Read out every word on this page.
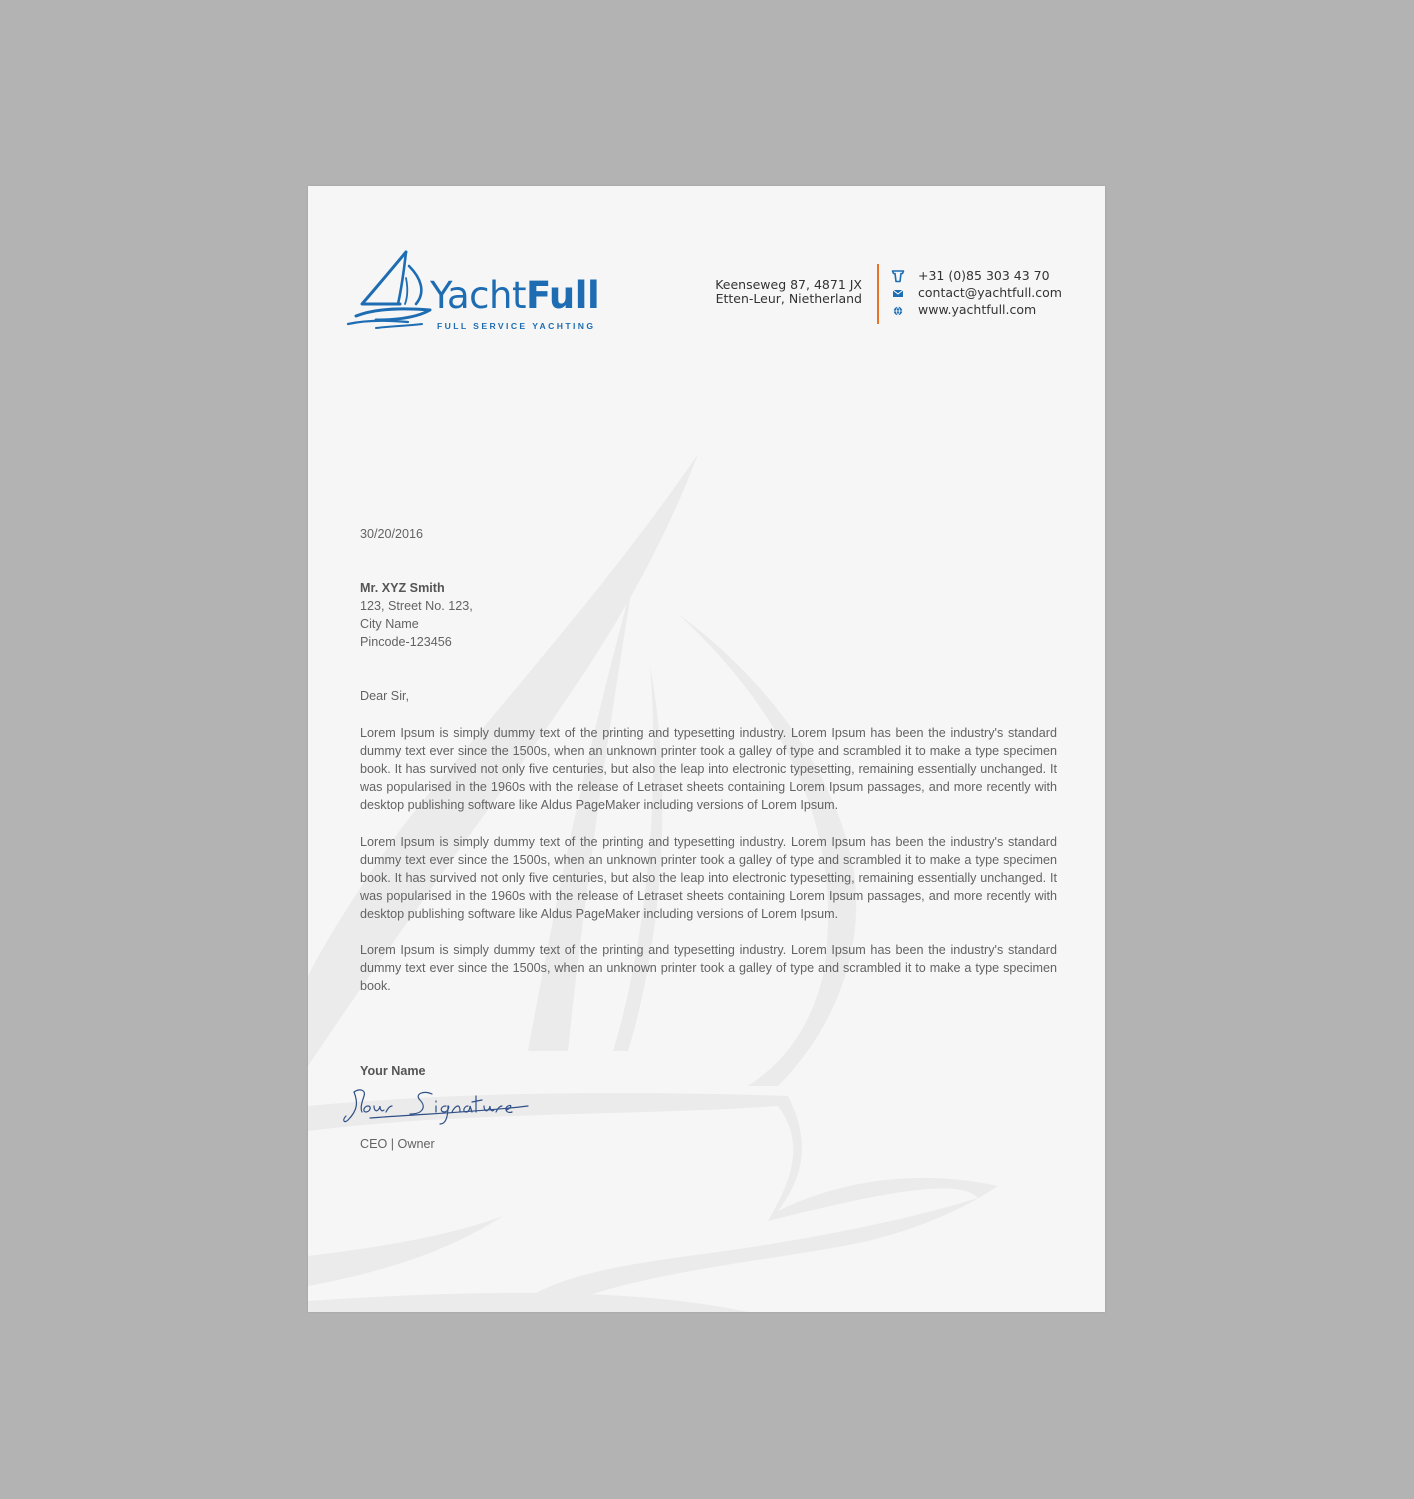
YachtFull
FULL SERVICE YACHTING
Keenseweg 87, 4871 JX
Etten-Leur, Nietherland
+31 (0)85 303 43 70
contact@yachtfull.com
www.yachtfull.com
30/20/2016
Mr. XYZ Smith
123, Street No. 123,
City Name
Pincode-123456
Dear Sir,
Lorem Ipsum is simply dummy text of the printing and typesetting industry. Lorem Ipsum has been the industry's standard dummy text ever since the 1500s, when an unknown printer took a galley of type and scrambled it to make a type specimen book. It has survived not only five centuries, but also the leap into electronic typesetting, remaining essentially unchanged. It was popularised in the 1960s with the release of Letraset sheets containing Lorem Ipsum passages, and more recently with desktop publishing software like Aldus PageMaker including versions of Lorem Ipsum.
Lorem Ipsum is simply dummy text of the printing and typesetting industry. Lorem Ipsum has been the industry's standard dummy text ever since the 1500s, when an unknown printer took a galley of type and scrambled it to make a type specimen book. It has survived not only five centuries, but also the leap into electronic typesetting, remaining essentially unchanged. It was popularised in the 1960s with the release of Letraset sheets containing Lorem Ipsum passages, and more recently with desktop publishing software like Aldus PageMaker including versions of Lorem Ipsum.
Lorem Ipsum is simply dummy text of the printing and typesetting industry. Lorem Ipsum has been the industry's standard dummy text ever since the 1500s, when an unknown printer took a galley of type and scrambled it to make a type specimen book.
Your Name
CEO | Owner
